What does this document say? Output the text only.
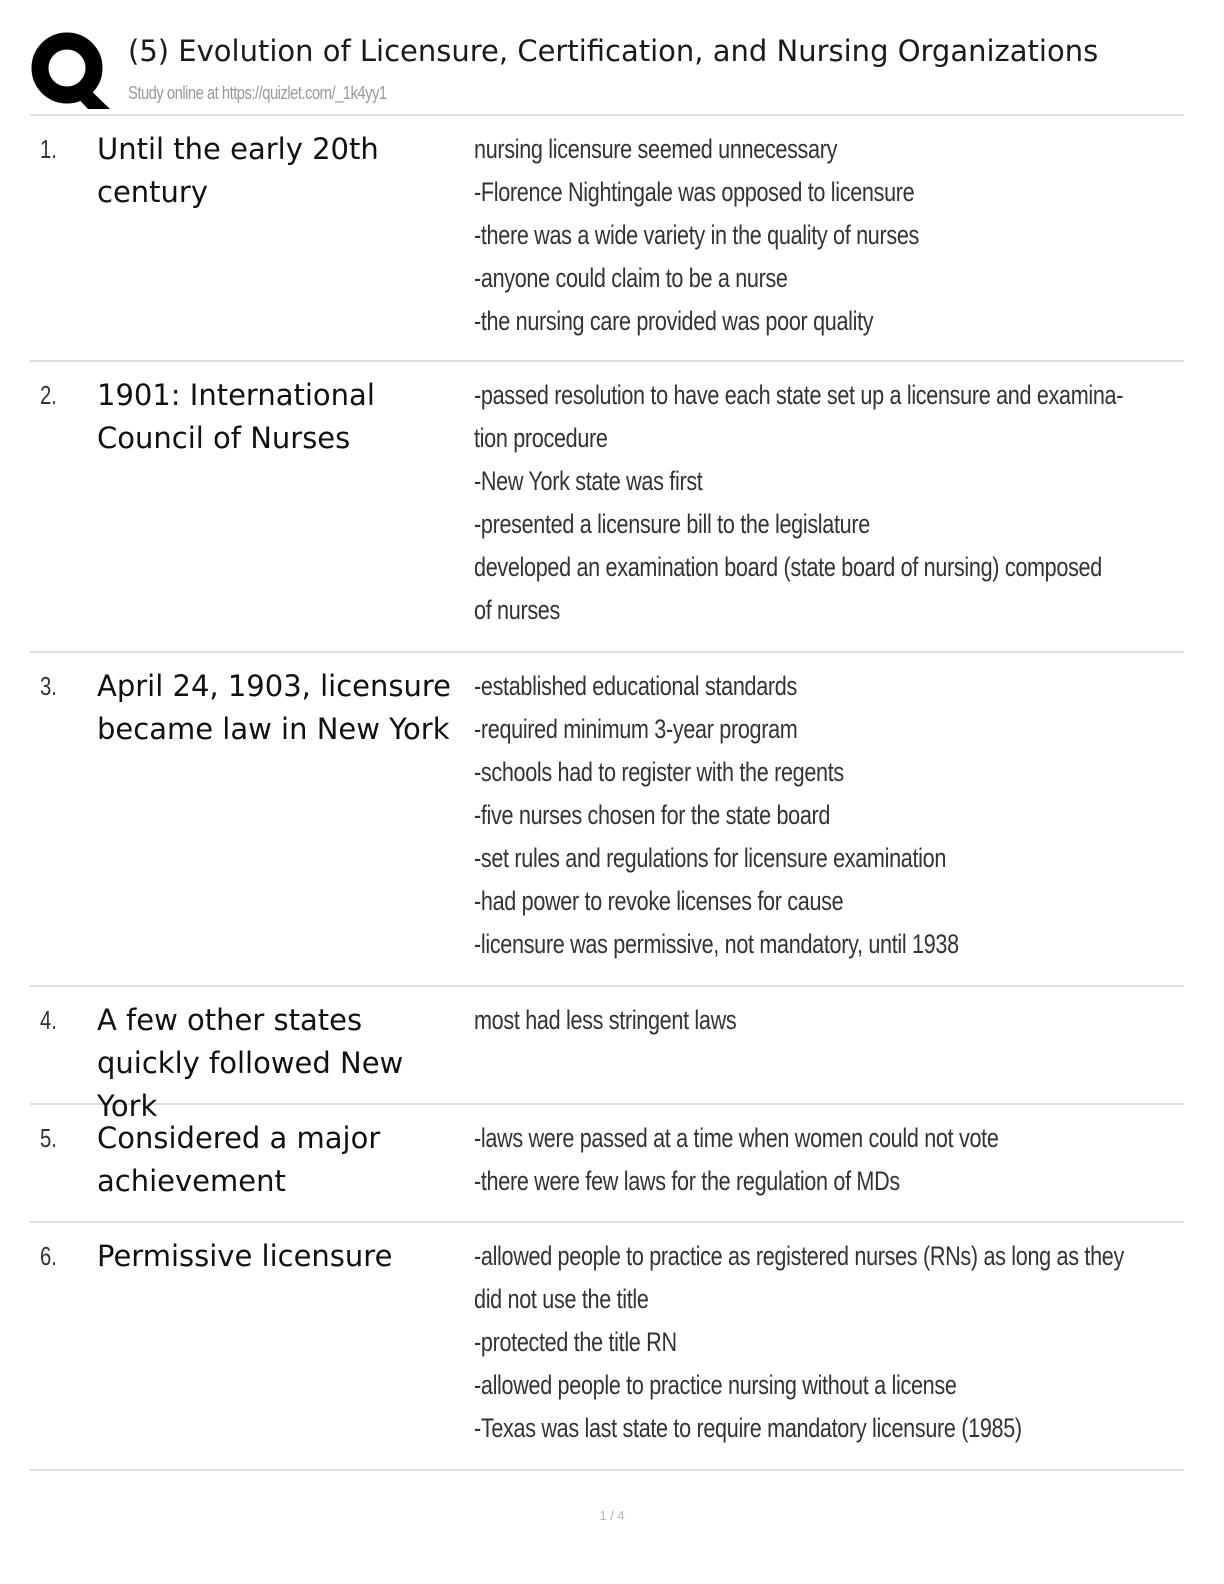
(5) Evolution of Licensure, Certification, and Nursing Organizations
Study online at https://quizlet.com/_1k4yy1
1. Until the early 20th century
nursing licensure seemed unnecessary
-Florence Nightingale was opposed to licensure
-there was a wide variety in the quality of nurses
-anyone could claim to be a nurse
-the nursing care provided was poor quality
2. 1901: International Council of Nurses
-passed resolution to have each state set up a licensure and examina-
tion procedure
-New York state was first
-presented a licensure bill to the legislature
developed an examination board (state board of nursing) composed
of nurses
3. April 24, 1903, licensure became law in New York
-established educational standards
-required minimum 3-year program
-schools had to register with the regents
-five nurses chosen for the state board
-set rules and regulations for licensure examination
-had power to revoke licenses for cause
-licensure was permissive, not mandatory, until 1938
4. A few other states quickly followed New York
most had less stringent laws
5. Considered a major achievement
-laws were passed at a time when women could not vote
-there were few laws for the regulation of MDs
6. Permissive licensure	-allowed people to practice as registered nurses (RNs) as long as they
did not use the title
-protected the title RN
-allowed people to practice nursing without a license
-Texas was last state to require mandatory licensure (1985)
1 / 4
